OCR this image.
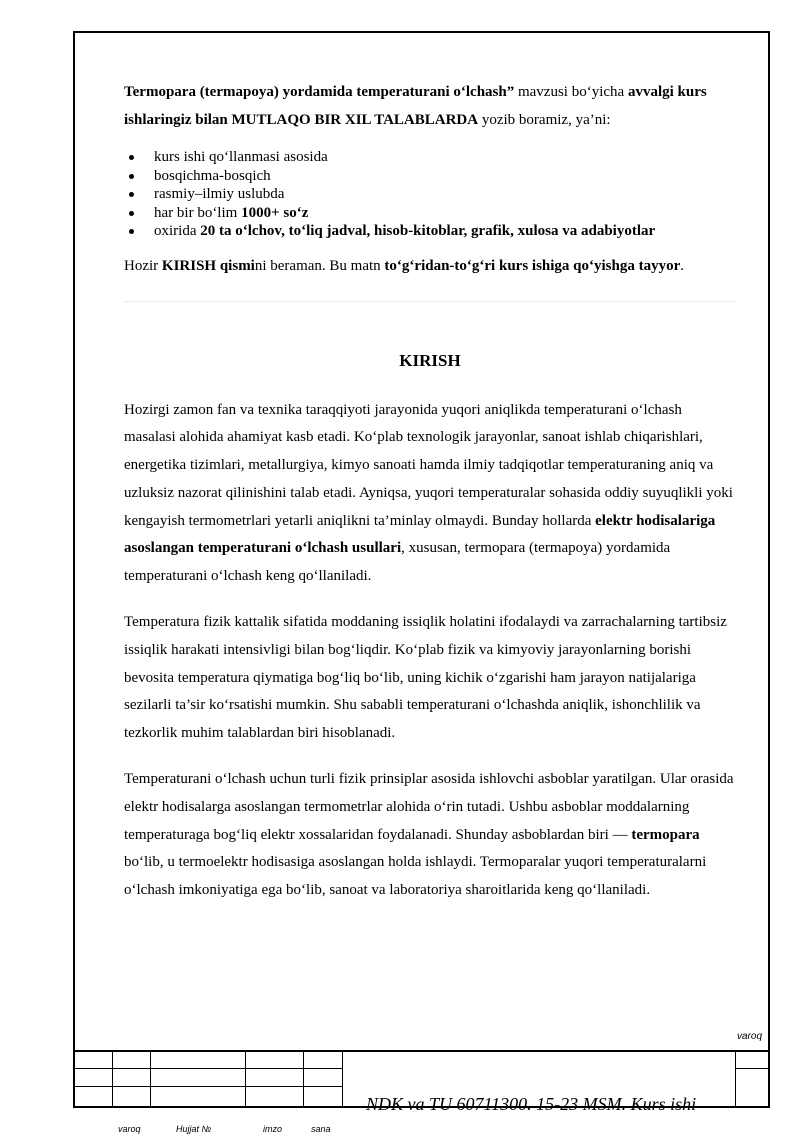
Termopara (termapoya) yordamida temperaturani o‘lchash” mavzusi bo‘yicha avvalgi kurs ishlaringiz bilan MUTLAQO BIR XIL TALABLARDA yozib boramiz, ya’ni:

kurs ishi qo‘llanmasi asosida
bosqichma-bosqich
rasmiy–ilmiy uslubda
har bir bo‘lim 1000+ so‘z
oxirida 20 ta o‘lchov, to‘liq jadval, hisob-kitoblar, grafik, xulosa va adabiyotlar

Hozir KIRISH qismini beraman. Bu matn to‘g‘ridan-to‘g‘ri kurs ishiga qo‘yishga tayyor.

KIRISH

Hozirgi zamon fan va texnika taraqqiyoti jarayonida yuqori aniqlikda temperaturani o‘lchash masalasi alohida ahamiyat kasb etadi. Ko‘plab texnologik jarayonlar, sanoat ishlab chiqarishlari, energetika tizimlari, metallurgiya, kimyo sanoati hamda ilmiy tadqiqotlar temperaturaning aniq va uzluksiz nazorat qilinishini talab etadi. Ayniqsa, yuqori temperaturalar sohasida oddiy suyuqlikli yoki kengayish termometrlari yetarli aniqlikni ta’minlay olmaydi. Bunday hollarda elektr hodisalariga asoslangan temperaturani o‘lchash usullari, xususan, termopara (termapoya) yordamida temperaturani o‘lchash keng qo‘llaniladi.

Temperatura fizik kattalik sifatida moddaning issiqlik holatini ifodalaydi va zarrachalarning tartibsiz issiqlik harakati intensivligi bilan bog‘liqdir. Ko‘plab fizik va kimyoviy jarayonlarning borishi bevosita temperatura qiymatiga bog‘liq bo‘lib, uning kichik o‘zgarishi ham jarayon natijalariga sezilarli ta’sir ko‘rsatishi mumkin. Shu sababli temperaturani o‘lchashda aniqlik, ishonchlilik va tezkorlik muhim talablardan biri hisoblanadi.

Temperaturani o‘lchash uchun turli fizik prinsiplar asosida ishlovchi asboblar yaratilgan. Ular orasida elektr hodisalarga asoslangan termometrlar alohida o‘rin tutadi. Ushbu asboblar moddalarning temperaturaga bog‘liq elektr xossalaridan foydalanadi. Shunday asboblardan biri — termopara bo‘lib, u termoelektr hodisasiga asoslangan holda ishlaydi. Termoparalar yuqori temperaturalarni o‘lchash imkoniyatiga ega bo‘lib, sanoat va laboratoriya sharoitlarida keng qo‘llaniladi.

varoq
NDK va TU 60711300. 15-23 MSM. Kurs ishi
varoq	Hujjat №	imzo	sana
